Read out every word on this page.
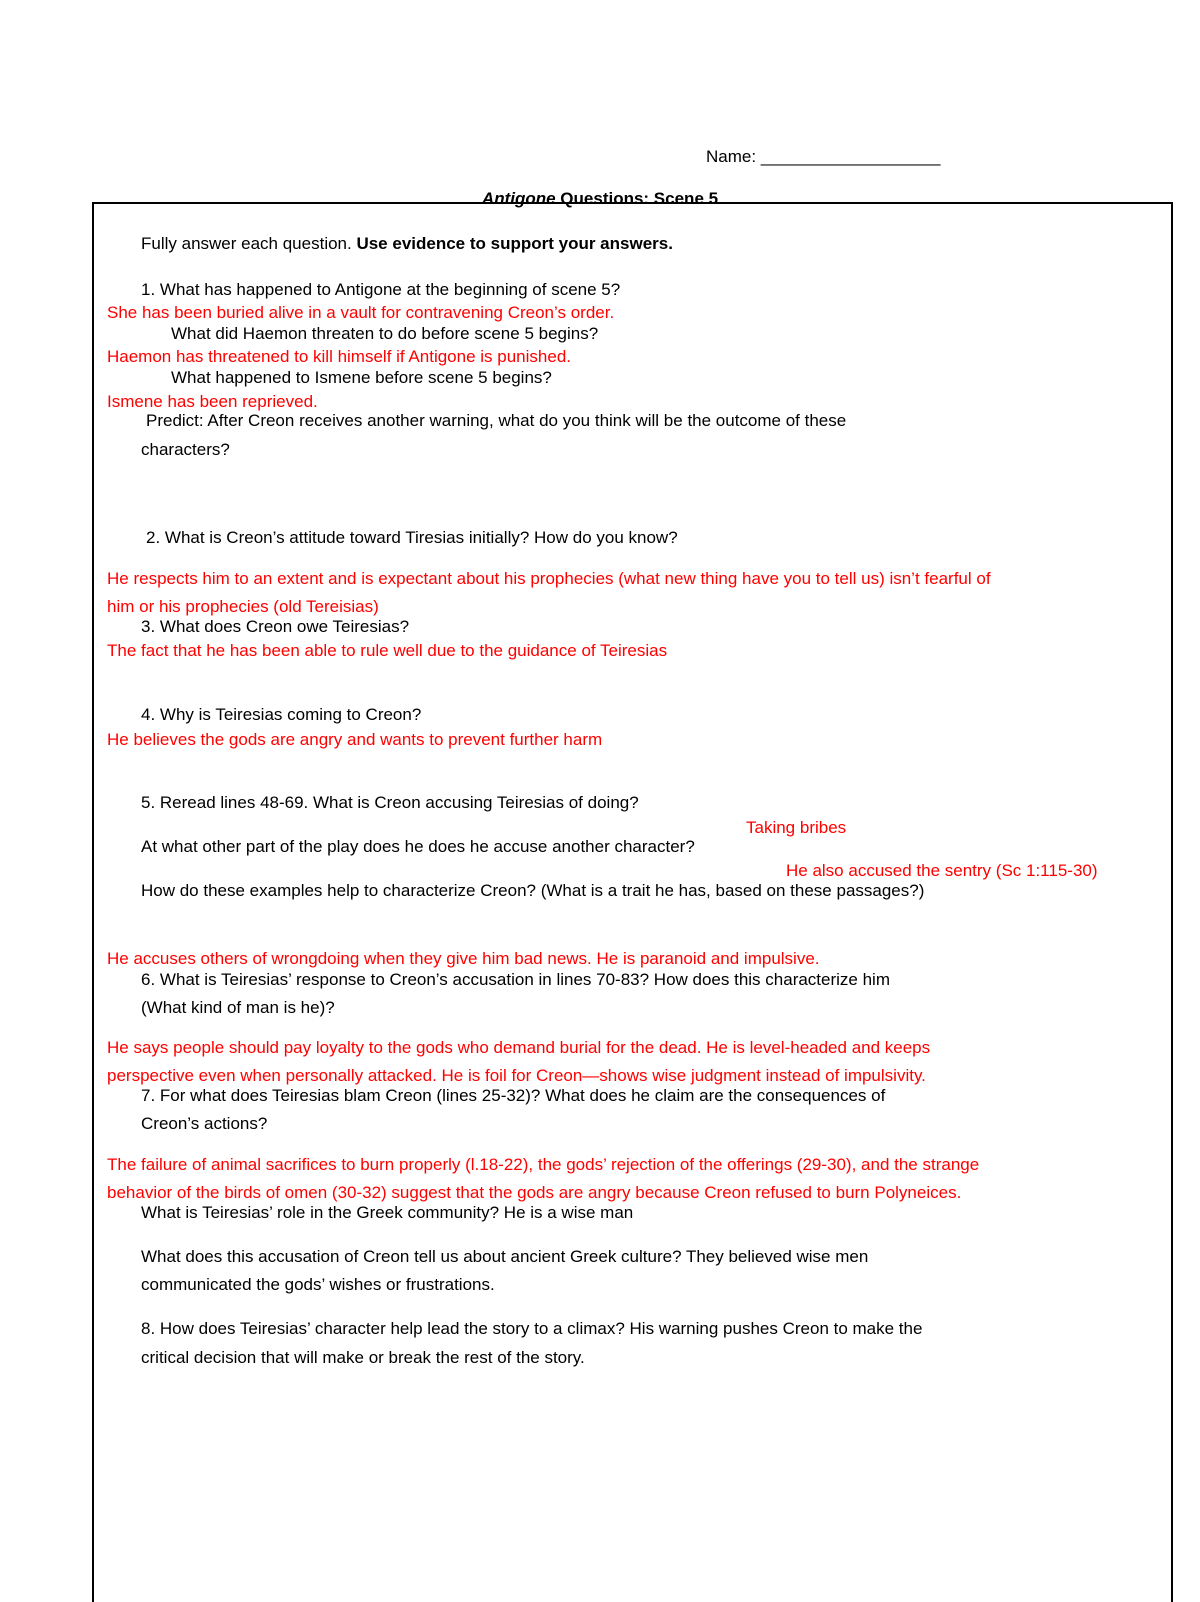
Name: ___________________
Antigone Questions: Scene 5
Fully answer each question. Use evidence to support your answers.
1. What has happened to Antigone at the beginning of scene 5?
She has been buried alive in a vault for contravening Creon’s order.
What did Haemon threaten to do before scene 5 begins?
Haemon has threatened to kill himself if Antigone is punished.
What happened to Ismene before scene 5 begins?
Ismene has been reprieved.
Predict: After Creon receives another warning, what do you think will be the outcome of these
characters?
2. What is Creon’s attitude toward Tiresias initially? How do you know?
He respects him to an extent and is expectant about his prophecies (what new thing have you to tell us) isn’t fearful of
him or his prophecies (old Tereisias)
3. What does Creon owe Teiresias?
The fact that he has been able to rule well due to the guidance of Teiresias
4. Why is Teiresias coming to Creon?
He believes the gods are angry and wants to prevent further harm
5. Reread lines 48-69. What is Creon accusing Teiresias of doing?
Taking bribes
At what other part of the play does he does he accuse another character?
He also accused the sentry (Sc 1:115-30)
How do these examples help to characterize Creon? (What is a trait he has, based on these passages?)
He accuses others of wrongdoing when they give him bad news. He is paranoid and impulsive.
6. What is Teiresias’ response to Creon’s accusation in lines 70-83? How does this characterize him
(What kind of man is he)?
He says people should pay loyalty to the gods who demand burial for the dead. He is level-headed and keeps
perspective even when personally attacked. He is foil for Creon—shows wise judgment instead of impulsivity.
7. For what does Teiresias blam Creon (lines 25-32)? What does he claim are the consequences of
Creon’s actions?
The failure of animal sacrifices to burn properly (l.18-22), the gods’ rejection of the offerings (29-30), and the strange
behavior of the birds of omen (30-32) suggest that the gods are angry because Creon refused to burn Polyneices.
What is Teiresias’ role in the Greek community? He is a wise man
What does this accusation of Creon tell us about ancient Greek culture? They believed wise men
communicated the gods’ wishes or frustrations.
8. How does Teiresias’ character help lead the story to a climax? His warning pushes Creon to make the
critical decision that will make or break the rest of the story.
